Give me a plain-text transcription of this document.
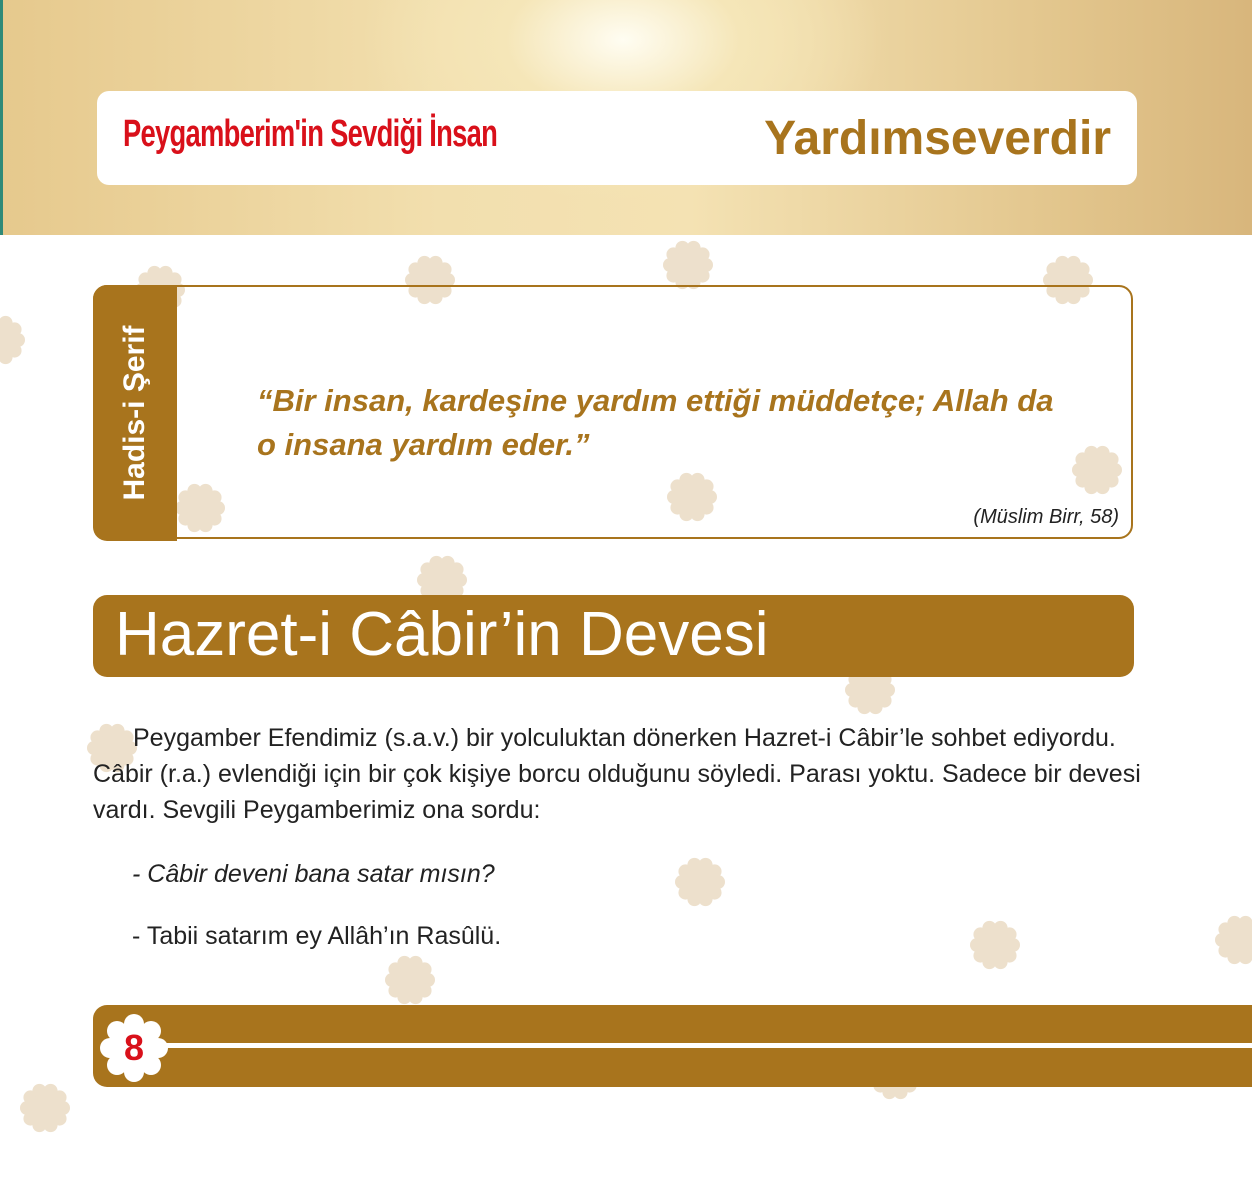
Peygamberim'in Sevdiği İnsan	Yardımseverdir
Hadis-i Şerif	“Bir insan, kardeşine yardım ettiği müddetçe; Allah da o insana yardım eder.”
(Müslim Birr, 58)
Hazret-i Câbir’in Devesi

Peygamber Efendimiz (s.a.v.) bir yolculuktan dönerken Hazret-i Câbir’le sohbet ediyordu. Câbir (r.a.) evlendiği için bir çok kişiye borcu olduğunu söyledi. Parası yoktu. Sadece bir devesi vardı. Sevgili Peygamberimiz ona sordu:

- Câbir deveni bana satar mısın?
- Tabii satarım ey Allâh’ın Rasûlü.
8
